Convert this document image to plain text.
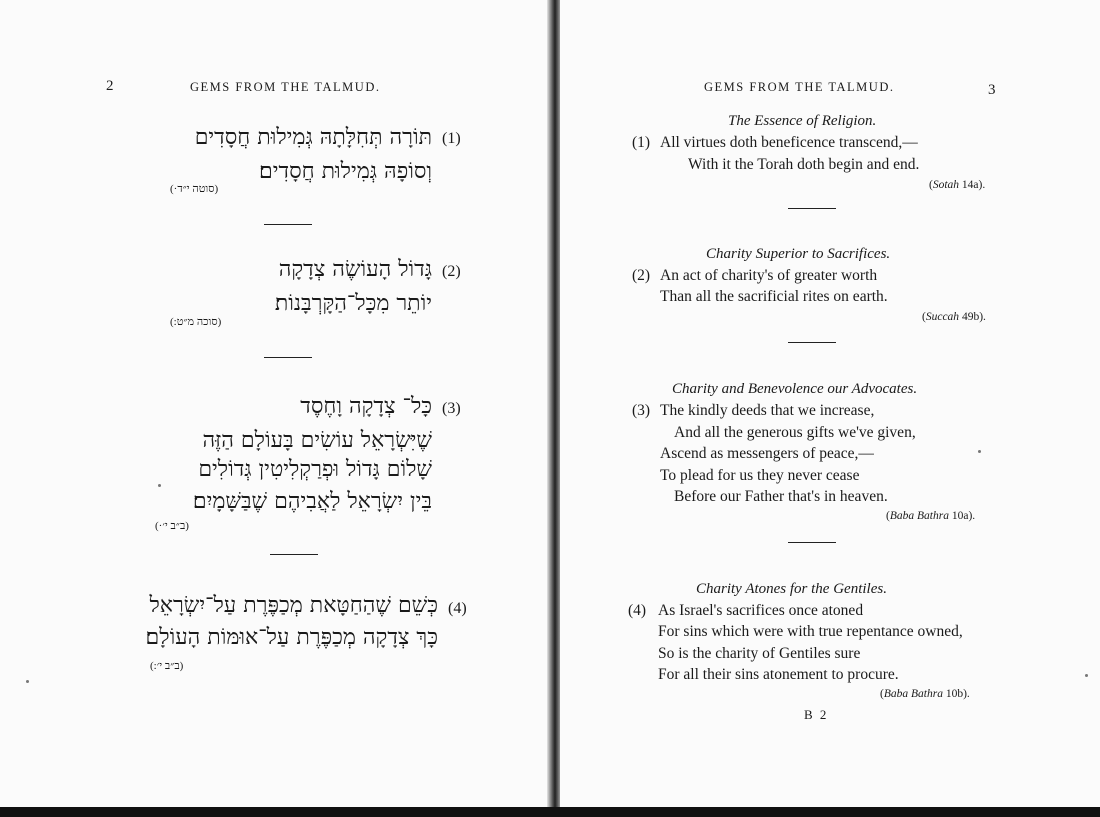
2	GEMS FROM THE TALMUD.
(1)
תּוֹרָה תְּחִלָּתָהּ גְּמִילוּת חֲסָדִים
וְסוֹפָהּ גְּמִילוּת חֲסָדִים׃
(סוטה י״ד·)
(2)
גָּדוֹל הָעוֹשֶׂה צְדָקָה
יוֹתֵר מִכָּל־הַקָּרְבָּנוֹת׃
(סוכה מ״ט:)
(3)
כָּל־ צְדָקָה וָחֶסֶד
שֶׁיִּשְׂרָאֵל עוֹשִׂים בָּעוֹלָם הַזֶּה
שָׁלוֹם גָּדוֹל וּפְרַקְלִיטִין גְּדוֹלִים
בֵּין יִשְׂרָאֵל לַאֲבִיהֶם שֶׁבַּשָּׁמָיִם׃
(ב״ב י׳·)
(4)
כְּשֵׁם שֶׁהַחַטָּאת מְכַפֶּרֶת עַל־יִשְׂרָאֵל
כָּךְ צְדָקָה מְכַפֶּרֶת עַל־אוּמּוֹת הָעוֹלָם׃
(ב״ב י׳:)
GEMS FROM THE TALMUD.	3
The Essence of Religion.
(1) All virtues doth beneficence transcend,—
With it the Torah doth begin and end.
(Sotah 14a).
Charity Superior to Sacrifices.
(2) An act of charity's of greater worth
Than all the sacrificial rites on earth.
(Succah 49b).
Charity and Benevolence our Advocates.
(3) The kindly deeds that we increase,
And all the generous gifts we've given,
Ascend as messengers of peace,—
To plead for us they never cease
Before our Father that's in heaven.
(Baba Bathra 10a).
Charity Atones for the Gentiles.
(4) As Israel's sacrifices once atoned
For sins which were with true repentance owned,
So is the charity of Gentiles sure
For all their sins atonement to procure.
(Baba Bathra 10b).
B 2
